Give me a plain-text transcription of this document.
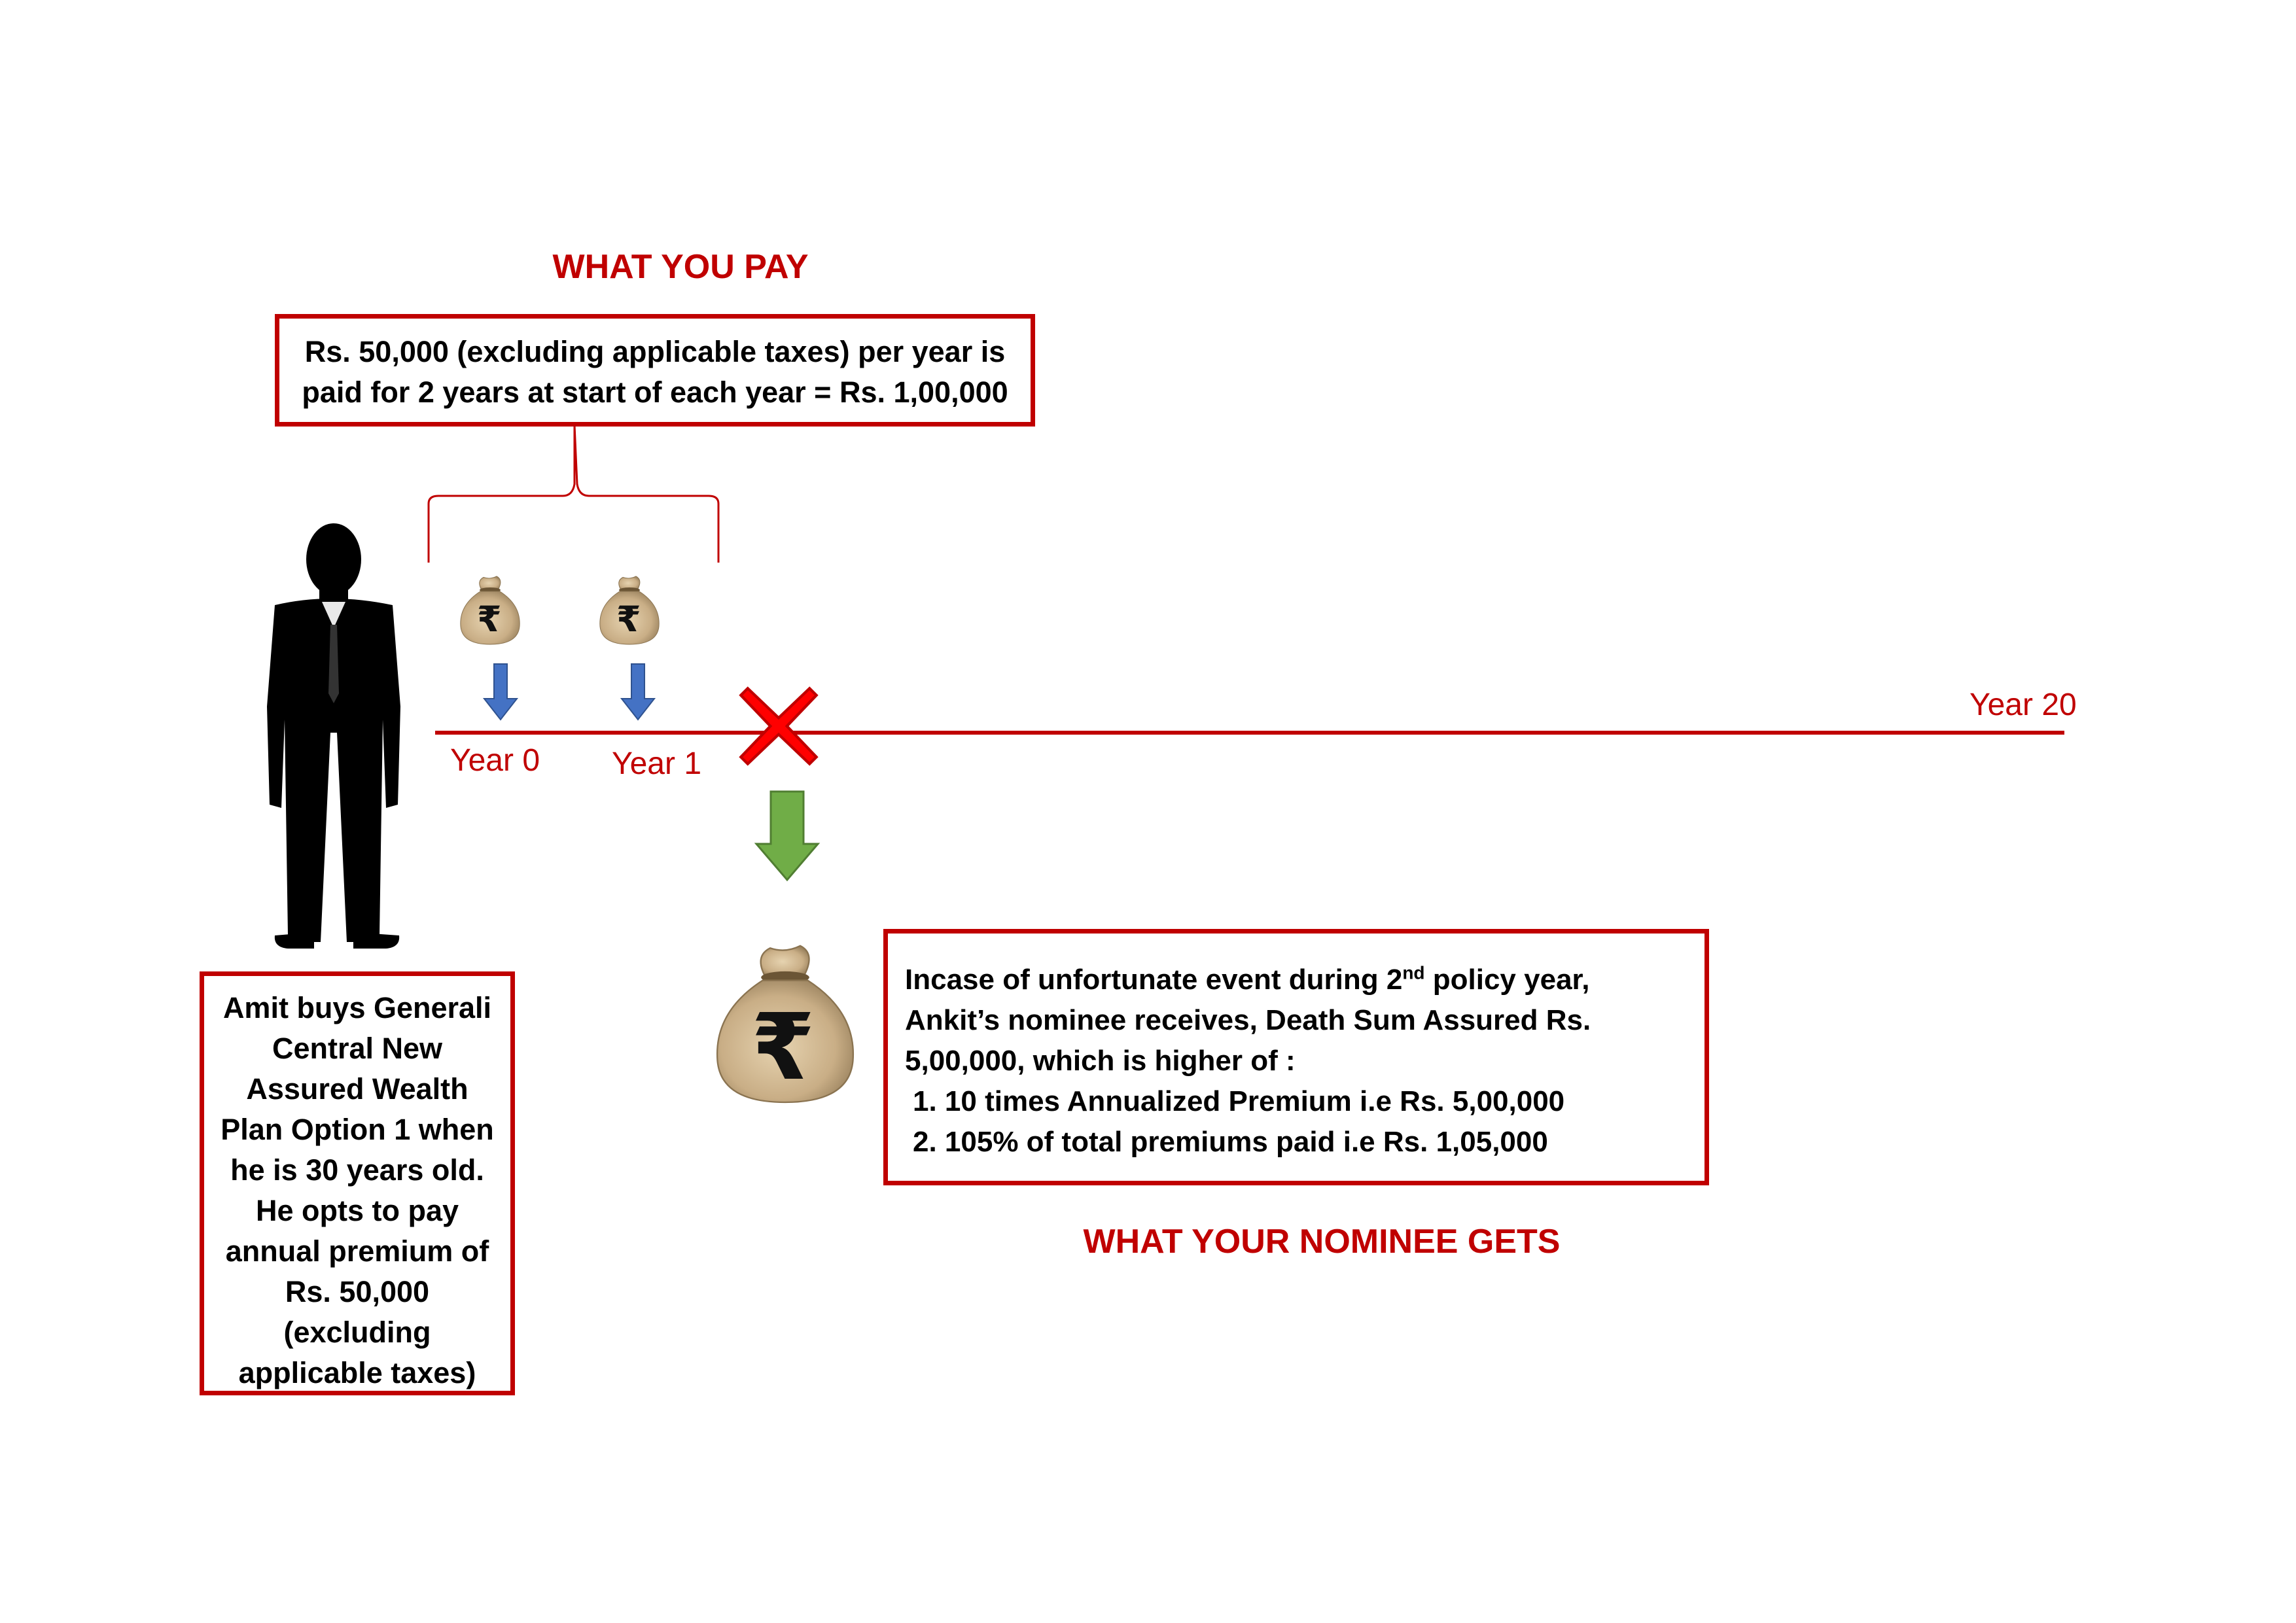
₹	₹
₹
WHAT YOU PAY
WHAT YOUR NOMINEE GETS
Rs. 50,000 (excluding applicable taxes) per year is
paid for 2 years at start of each year = Rs. 1,00,000
Year 0 Year 1
Year 20
Amit buys Generali
Central New
Assured Wealth
Plan Option 1 when
he is 30 years old.
He opts to pay
annual premium of
Rs. 50,000
(excluding
applicable taxes)
Incase of unfortunate event during 2nd policy year,
Ankit’s nominee receives, Death Sum Assured Rs.
5,00,000, which is higher of :
1. 10 times Annualized Premium i.e Rs. 5,00,000
2. 105% of total premiums paid i.e Rs. 1,05,000
